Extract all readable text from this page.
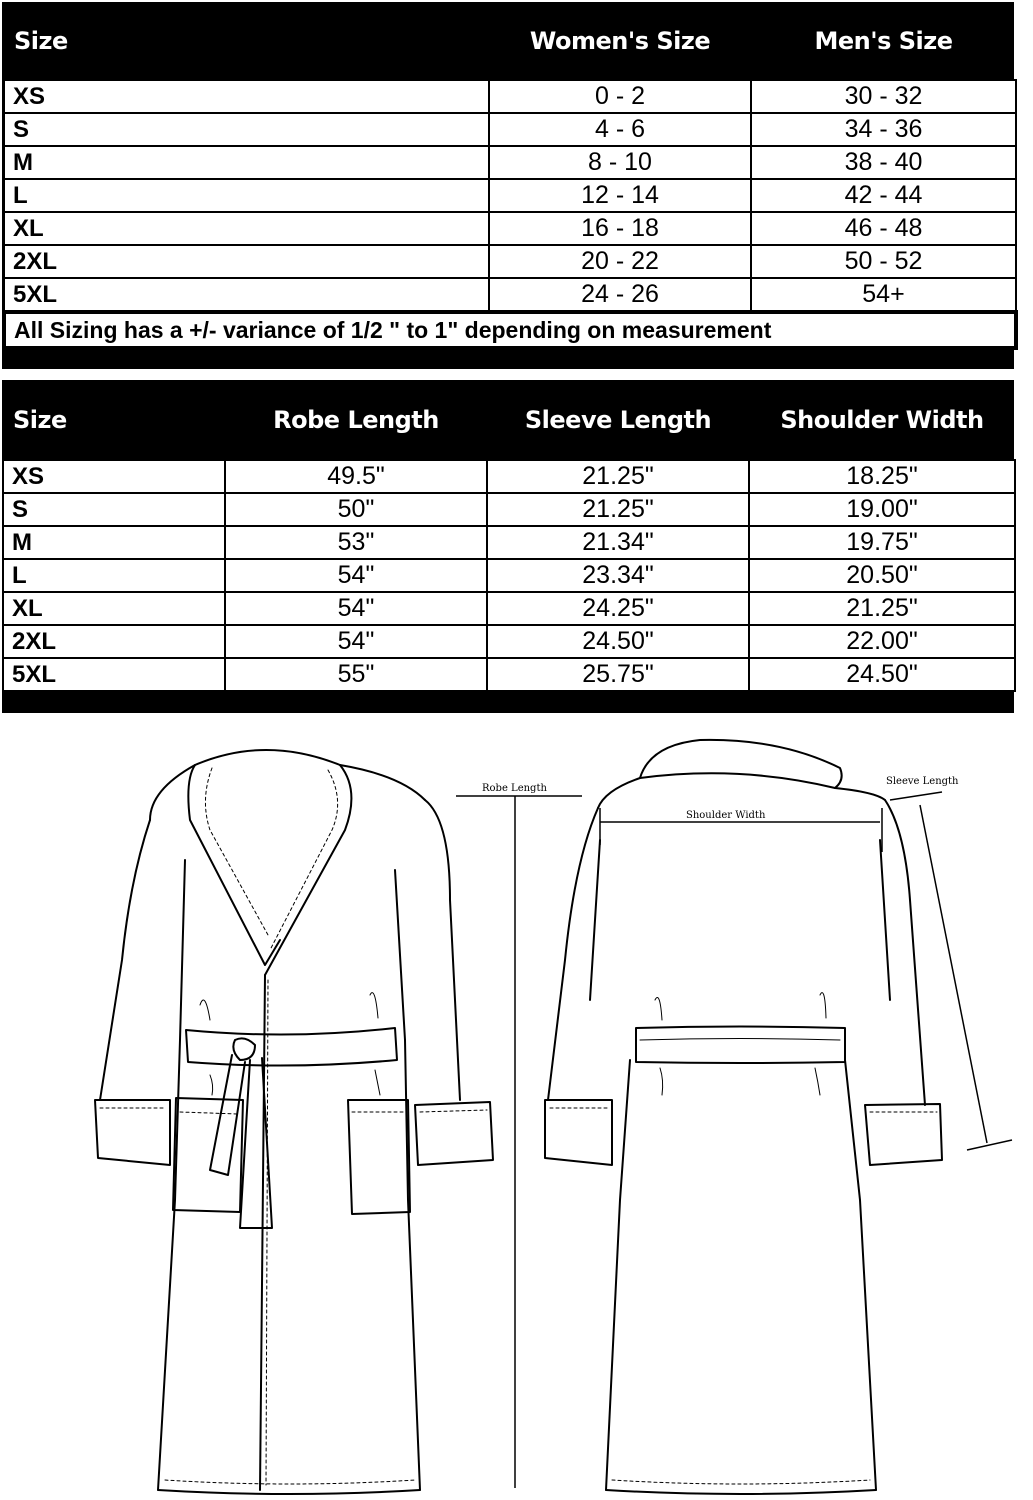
Size	Women's Size	Men's Size
XS	0 - 2	30 - 32
S	4 - 6	34 - 36
M	8 - 10	38 - 40
L	12 - 14	42 - 44
XL	16 - 18	46 - 48
2XL	20 - 22	50 - 52
5XL	24 - 26	54+
All Sizing has a +/- variance of 1/2 " to 1" depending on measurement		
Size	Robe Length	Sleeve Length	Shoulder Width
XS	49.5"	21.25"	18.25"
S	50"	21.25"	19.00"
M	53"	21.34"	19.75"
L	54"	23.34"	20.50"
XL	54"	24.25"	21.25"
2XL	54"	24.50"	22.00"
5XL	55"	25.75"	24.50"
Robe Length
Shoulder Width
Sleeve Length
